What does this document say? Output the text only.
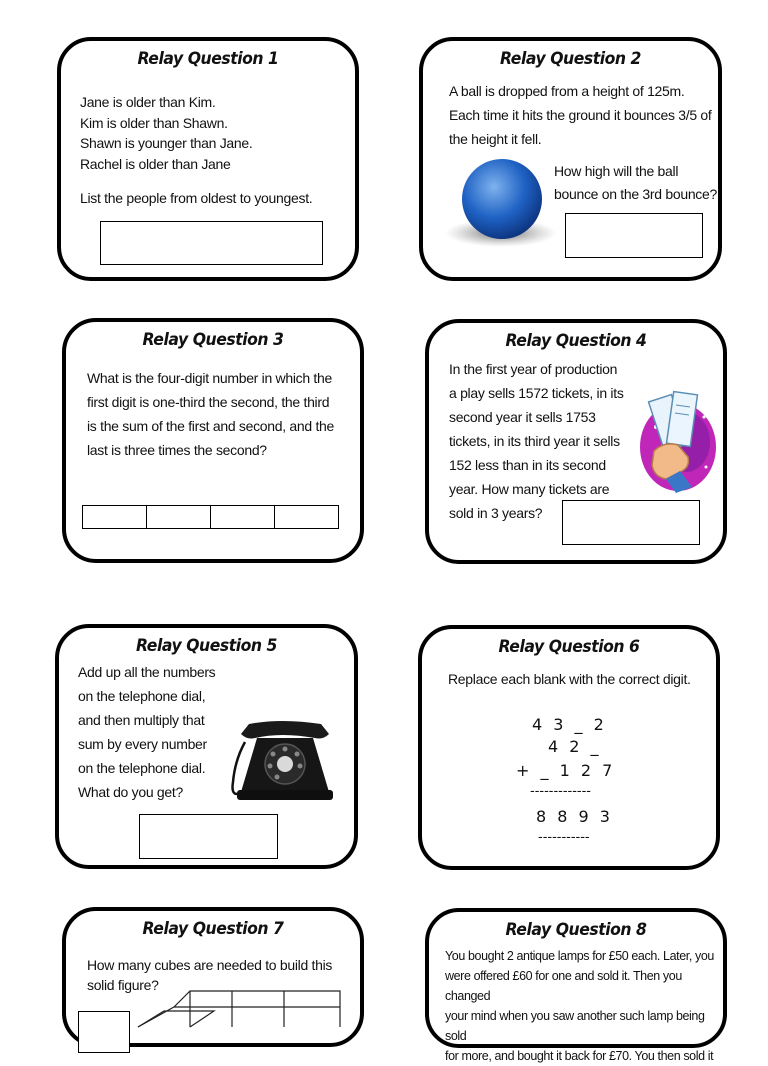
Relay Question 1
Jane is older than Kim.
Kim is older than Shawn.
Shawn is younger than Jane.
Rachel is older than Jane
List the people from oldest to youngest.
Relay Question 2
A ball is dropped from a height of 125m.
Each time it hits the ground it bounces 3/5 of
the height it fell.
How high will the ball
bounce on the 3rd bounce?
Relay Question 3
What is the four-digit number in which the
first digit is one-third the second, the third
is the sum of the first and second, and the
last is three times the second?
Relay Question 4
In the first year of production
a play sells 1572 tickets, in its
second year it sells 1753
tickets, in its third year it sells
152 less than in its second
year. How many tickets are
sold in 3 years?
Relay Question 5
Add up all the numbers
on the telephone dial,
and then multiply that
sum by every number
on the telephone dial.
What do you get?
Relay Question 6
Replace each blank with the correct digit.
4 3 _ 2
4 2 _
+ _ 1 2 7
-------------
8 8 9 3
-----------
Relay Question 7
How many cubes are needed to build this
solid figure?
Relay Question 8
You bought 2 antique lamps for £50 each. Later, you
were offered £60 for one and sold it. Then you changed
your mind when you saw another such lamp being sold
for more, and bought it back for £70. You then sold it
